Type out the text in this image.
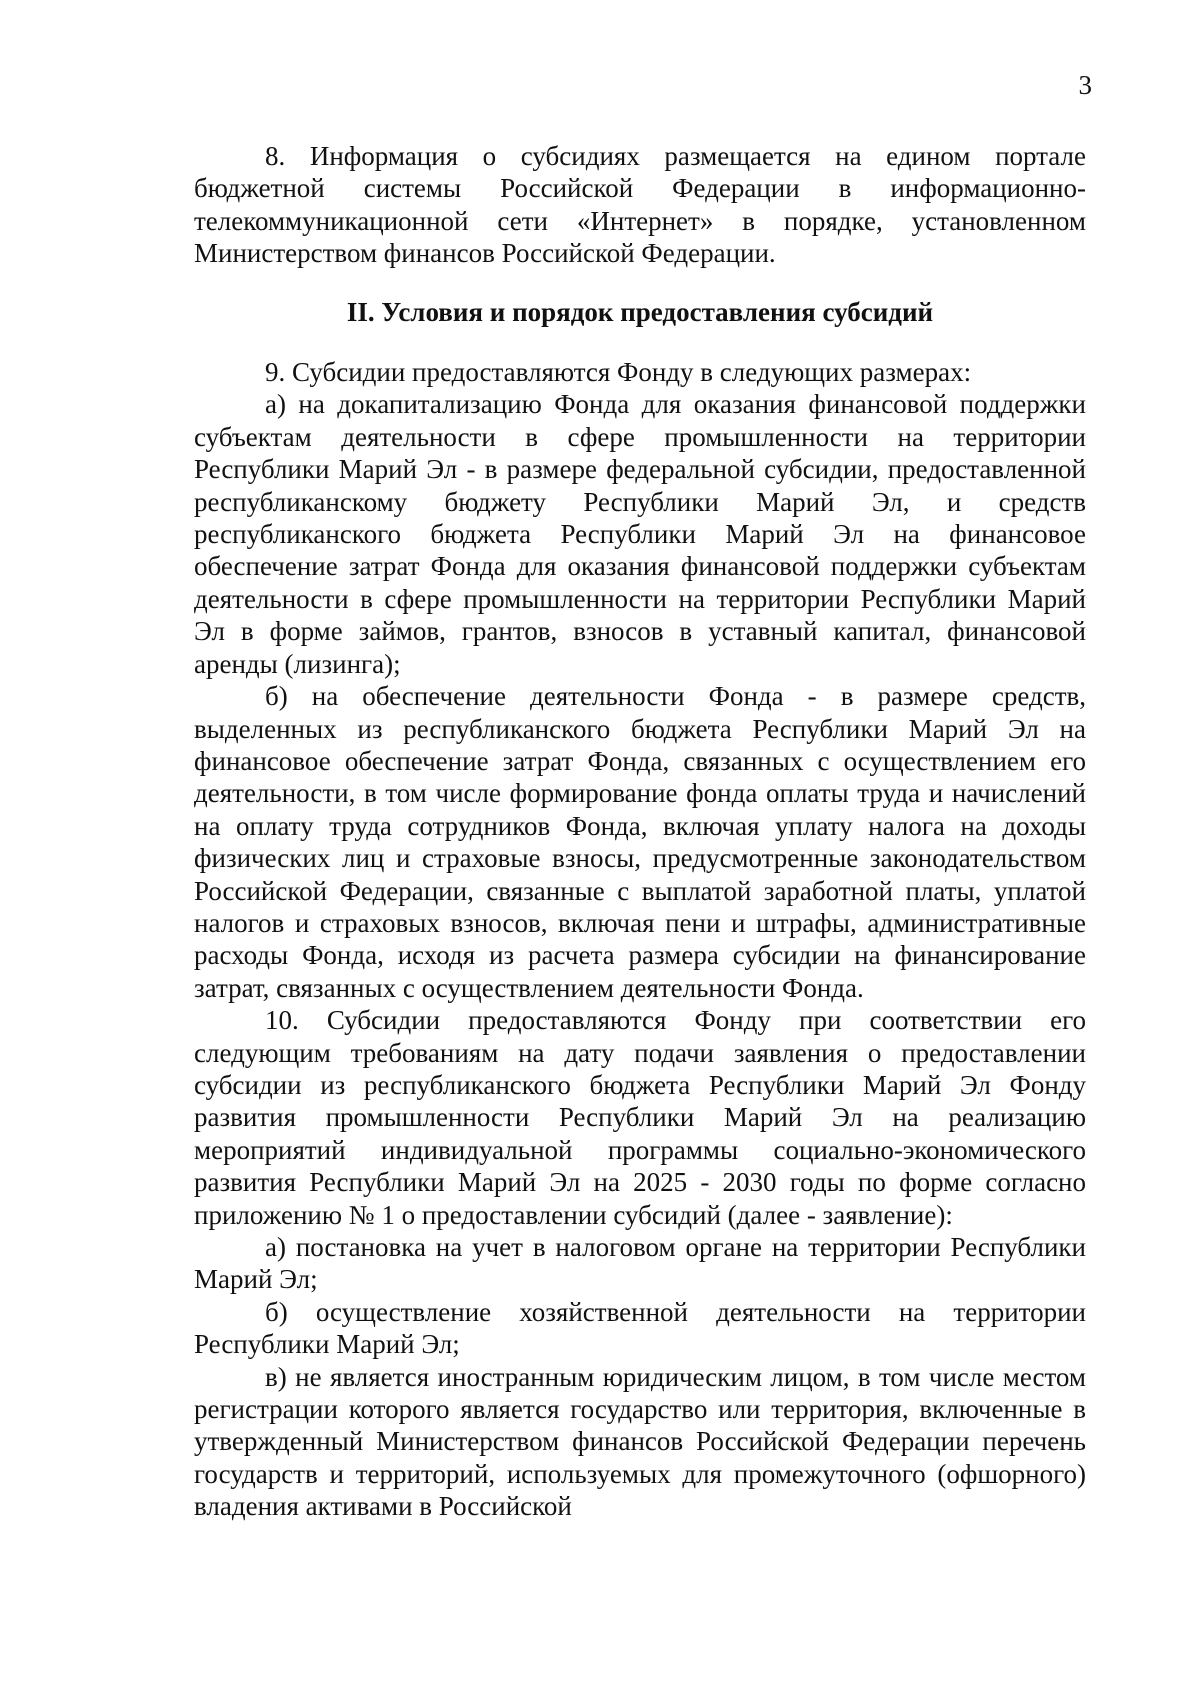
3

8. Информация о субсидиях размещается на едином портале бюджетной системы Российской Федерации в информационно-телекоммуникационной сети «Интернет» в порядке, установленном Министерством финансов Российской Федерации.

II. Условия и порядок предоставления субсидий

9. Субсидии предоставляются Фонду в следующих размерах:

а) на докапитализацию Фонда для оказания финансовой поддержки субъектам деятельности в сфере промышленности на территории Республики Марий Эл - в размере федеральной субсидии, предоставленной республиканскому бюджету Республики Марий Эл, и средств республиканского бюджета Республики Марий Эл на финансовое обеспечение затрат Фонда для оказания финансовой поддержки субъектам деятельности в сфере промышленности на территории Республики Марий Эл в форме займов, грантов, взносов в уставный капитал, финансовой аренды (лизинга);

б) на обеспечение деятельности Фонда - в размере средств, выделенных из республиканского бюджета Республики Марий Эл на финансовое обеспечение затрат Фонда, связанных с осуществлением его деятельности, в том числе формирование фонда оплаты труда и начислений на оплату труда сотрудников Фонда, включая уплату налога на доходы физических лиц и страховые взносы, предусмотренные законодательством Российской Федерации, связанные с выплатой заработной платы, уплатой налогов и страховых взносов, включая пени и штрафы, административные расходы Фонда, исходя из расчета размера субсидии на финансирование затрат, связанных с осуществлением деятельности Фонда.

10. Субсидии предоставляются Фонду при соответствии его следующим требованиям на дату подачи заявления о предоставлении субсидии из республиканского бюджета Республики Марий Эл Фонду развития промышленности Республики Марий Эл на реализацию мероприятий индивидуальной программы социально-экономического развития Республики Марий Эл на 2025 - 2030 годы по форме согласно приложению № 1 о предоставлении субсидий (далее - заявление):

а) постановка на учет в налоговом органе на территории Республики Марий Эл;

б) осуществление хозяйственной деятельности на территории Республики Марий Эл;

в) не является иностранным юридическим лицом, в том числе местом регистрации которого является государство или территория, включенные в утвержденный Министерством финансов Российской Федерации перечень государств и территорий, используемых для промежуточного (офшорного) владения активами в Российской
